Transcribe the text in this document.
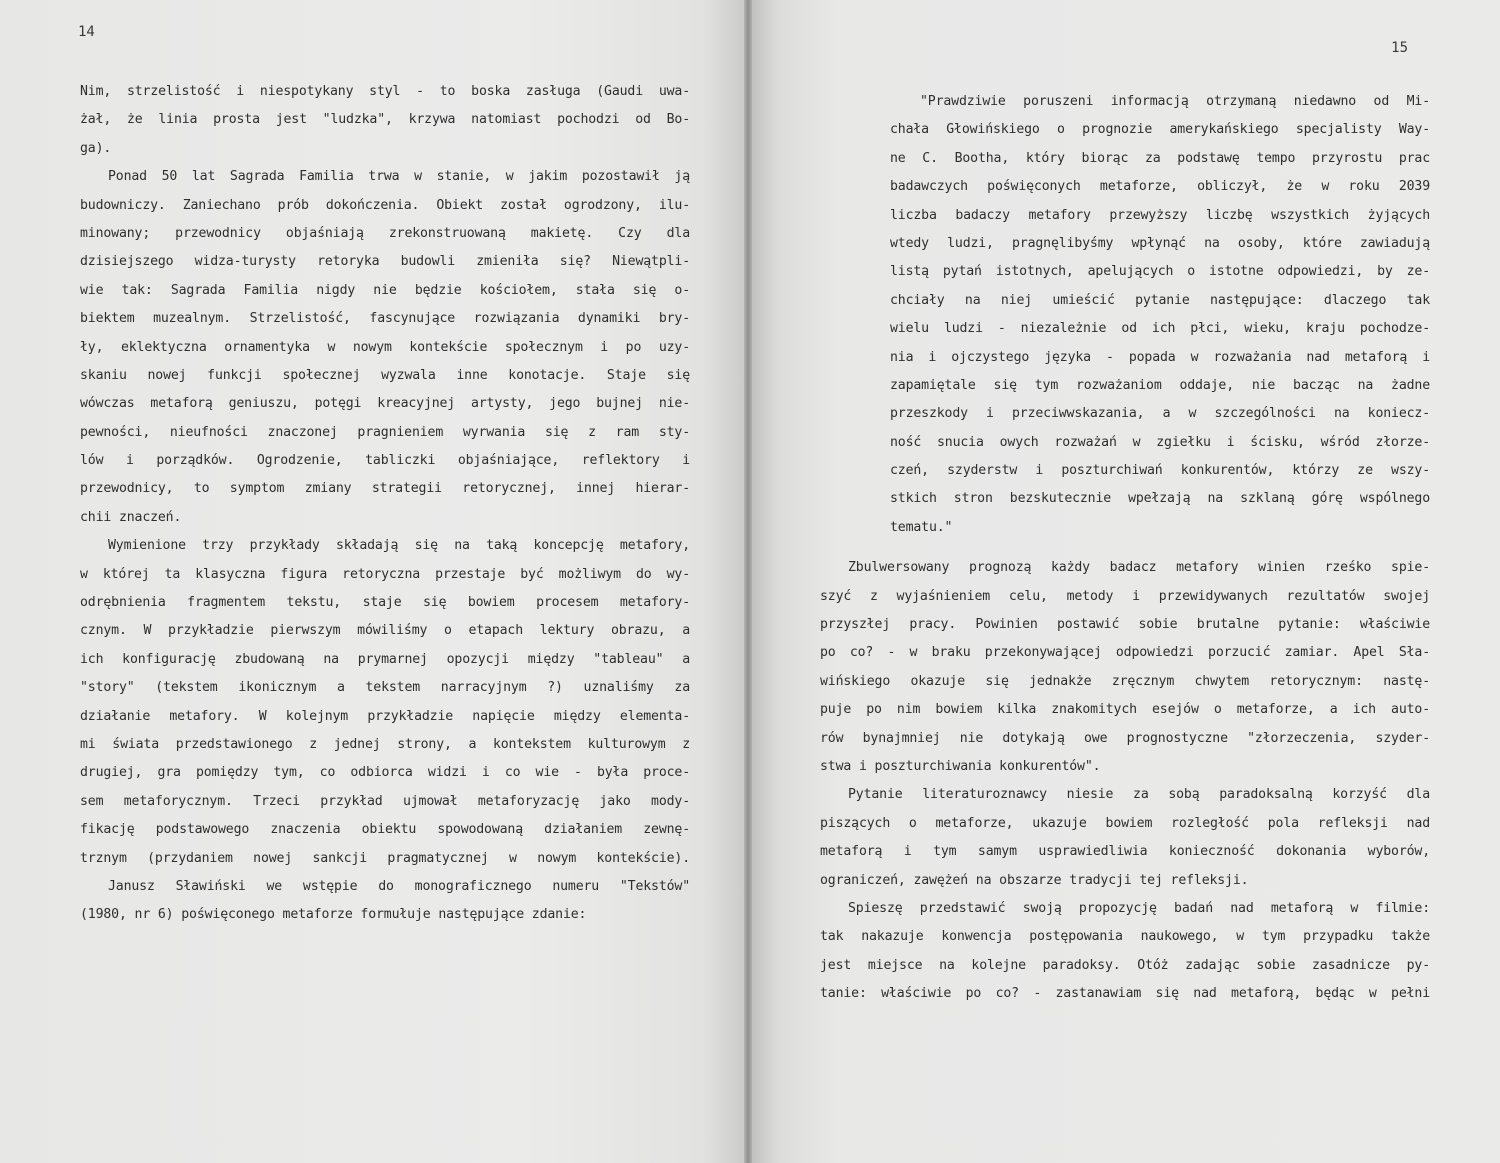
14
Nim, strzelistość i niespotykany styl - to boska zasługa (Gaudi uwa-
żał, że linia prosta jest "ludzka", krzywa natomiast pochodzi od Bo-
ga).
Ponad 50 lat Sagrada Familia trwa w stanie, w jakim pozostawił ją
budowniczy. Zaniechano prób dokończenia. Obiekt został ogrodzony, ilu-
minowany; przewodnicy objaśniają zrekonstruowaną makietę. Czy dla
dzisiejszego widza-turysty retoryka budowli zmieniła się? Niewątpli-
wie tak: Sagrada Familia nigdy nie będzie kościołem, stała się o-
biektem muzealnym. Strzelistość, fascynujące rozwiązania dynamiki bry-
ły, eklektyczna ornamentyka w nowym kontekście społecznym i po uzy-
skaniu nowej funkcji społecznej wyzwala inne konotacje. Staje się
wówczas metaforą geniuszu, potęgi kreacyjnej artysty, jego bujnej nie-
pewności, nieufności znaczonej pragnieniem wyrwania się z ram sty-
lów i porządków. Ogrodzenie, tabliczki objaśniające, reflektory i
przewodnicy, to symptom zmiany strategii retorycznej, innej hierar-
chii znaczeń.
Wymienione trzy przykłady składają się na taką koncepcję metafory,
w której ta klasyczna figura retoryczna przestaje być możliwym do wy-
odrębnienia fragmentem tekstu, staje się bowiem procesem metafory-
cznym. W przykładzie pierwszym mówiliśmy o etapach lektury obrazu, a
ich konfigurację zbudowaną na prymarnej opozycji między "tableau" a
"story" (tekstem ikonicznym a tekstem narracyjnym ?) uznaliśmy za
działanie metafory. W kolejnym przykładzie napięcie między elementa-
mi świata przedstawionego z jednej strony, a kontekstem kulturowym z
drugiej, gra pomiędzy tym, co odbiorca widzi i co wie - była proce-
sem metaforycznym. Trzeci przykład ujmował metaforyzację jako mody-
fikację podstawowego znaczenia obiektu spowodowaną działaniem zewnę-
trznym (przydaniem nowej sankcji pragmatycznej w nowym kontekście).
Janusz Sławiński we wstępie do monograficznego numeru "Tekstów"
(1980, nr 6) poświęconego metaforze formułuje następujące zdanie:
15
"Prawdziwie poruszeni informacją otrzymaną niedawno od Mi-
chała Głowińskiego o prognozie amerykańskiego specjalisty Way-
ne C. Bootha, który biorąc za podstawę tempo przyrostu prac
badawczych poświęconych metaforze, obliczył, że w roku 2039
liczba badaczy metafory przewyższy liczbę wszystkich żyjących
wtedy ludzi, pragnęlibyśmy wpłynąć na osoby, które zawiadują
listą pytań istotnych, apelujących o istotne odpowiedzi, by ze-
chciały na niej umieścić pytanie następujące: dlaczego tak
wielu ludzi - niezależnie od ich płci, wieku, kraju pochodze-
nia i ojczystego języka - popada w rozważania nad metaforą i
zapamiętale się tym rozważaniom oddaje, nie bacząc na żadne
przeszkody i przeciwwskazania, a w szczególności na koniecz-
ność snucia owych rozważań w zgiełku i ścisku, wśród złorze-
czeń, szyderstw i poszturchiwań konkurentów, którzy ze wszy-
stkich stron bezskutecznie wpełzają na szklaną górę wspólnego
tematu."
Zbulwersowany prognozą każdy badacz metafory winien rześko spie-
szyć z wyjaśnieniem celu, metody i przewidywanych rezultatów swojej
przyszłej pracy. Powinien postawić sobie brutalne pytanie: właściwie
po co? - w braku przekonywającej odpowiedzi porzucić zamiar. Apel Sła-
wińskiego okazuje się jednakże zręcznym chwytem retorycznym: nastę-
puje po nim bowiem kilka znakomitych esejów o metaforze, a ich auto-
rów bynajmniej nie dotykają owe prognostyczne "złorzeczenia, szyder-
stwa i poszturchiwania konkurentów".
Pytanie literaturoznawcy niesie za sobą paradoksalną korzyść dla
piszących o metaforze, ukazuje bowiem rozległość pola refleksji nad
metaforą i tym samym usprawiedliwia konieczność dokonania wyborów,
ograniczeń, zawężeń na obszarze tradycji tej refleksji.
Spieszę przedstawić swoją propozycję badań nad metaforą w filmie:
tak nakazuje konwencja postępowania naukowego, w tym przypadku także
jest miejsce na kolejne paradoksy. Otóż zadając sobie zasadnicze py-
tanie: właściwie po co? - zastanawiam się nad metaforą, będąc w pełni
